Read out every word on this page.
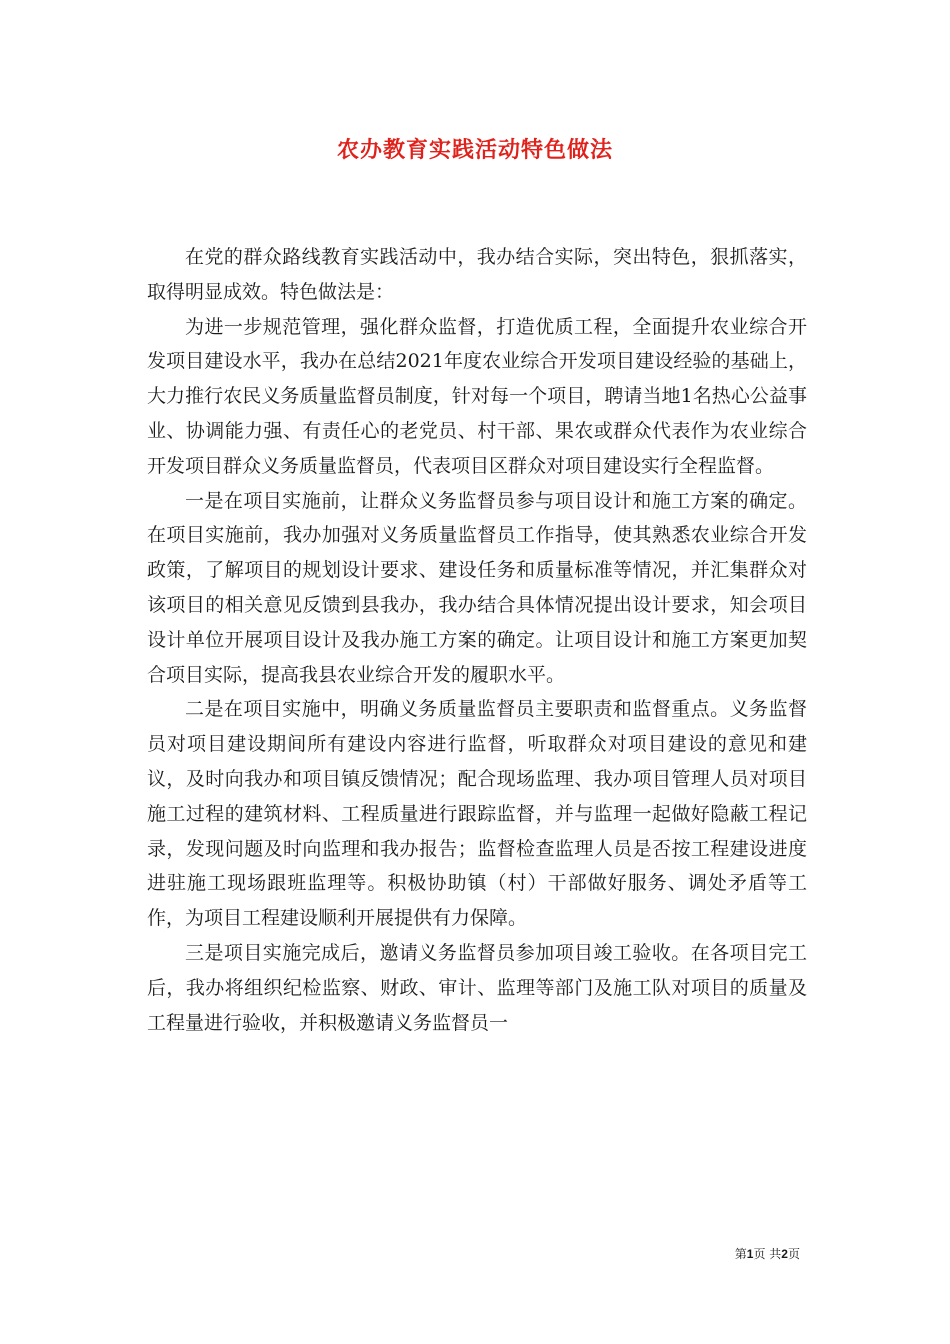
农办教育实践活动特色做法

在党的群众路线教育实践活动中，我办结合实际，突出特色，狠抓落实，取得明显成效。特色做法是：

为进一步规范管理，强化群众监督，打造优质工程，全面提升农业综合开发项目建设水平，我办在总结2021年度农业综合开发项目建设经验的基础上，大力推行农民义务质量监督员制度，针对每一个项目，聘请当地1名热心公益事业、协调能力强、有责任心的老党员、村干部、果农或群众代表作为农业综合开发项目群众义务质量监督员，代表项目区群众对项目建设实行全程监督。

一是在项目实施前，让群众义务监督员参与项目设计和施工方案的确定。在项目实施前，我办加强对义务质量监督员工作指导，使其熟悉农业综合开发政策，了解项目的规划设计要求、建设任务和质量标准等情况，并汇集群众对该项目的相关意见反馈到县我办，我办结合具体情况提出设计要求，知会项目设计单位开展项目设计及我办施工方案的确定。让项目设计和施工方案更加契合项目实际，提高我县农业综合开发的履职水平。

二是在项目实施中，明确义务质量监督员主要职责和监督重点。义务监督员对项目建设期间所有建设内容进行监督，听取群众对项目建设的意见和建议，及时向我办和项目镇反馈情况；配合现场监理、我办项目管理人员对项目施工过程的建筑材料、工程质量进行跟踪监督，并与监理一起做好隐蔽工程记录，发现问题及时向监理和我办报告；监督检查监理人员是否按工程建设进度进驻施工现场跟班监理等。积极协助镇（村）干部做好服务、调处矛盾等工作，为项目工程建设顺利开展提供有力保障。

三是项目实施完成后，邀请义务监督员参加项目竣工验收。在各项目完工后，我办将组织纪检监察、财政、审计、监理等部门及施工队对项目的质量及工程量进行验收，并积极邀请义务监督员一

第1页 共2页
